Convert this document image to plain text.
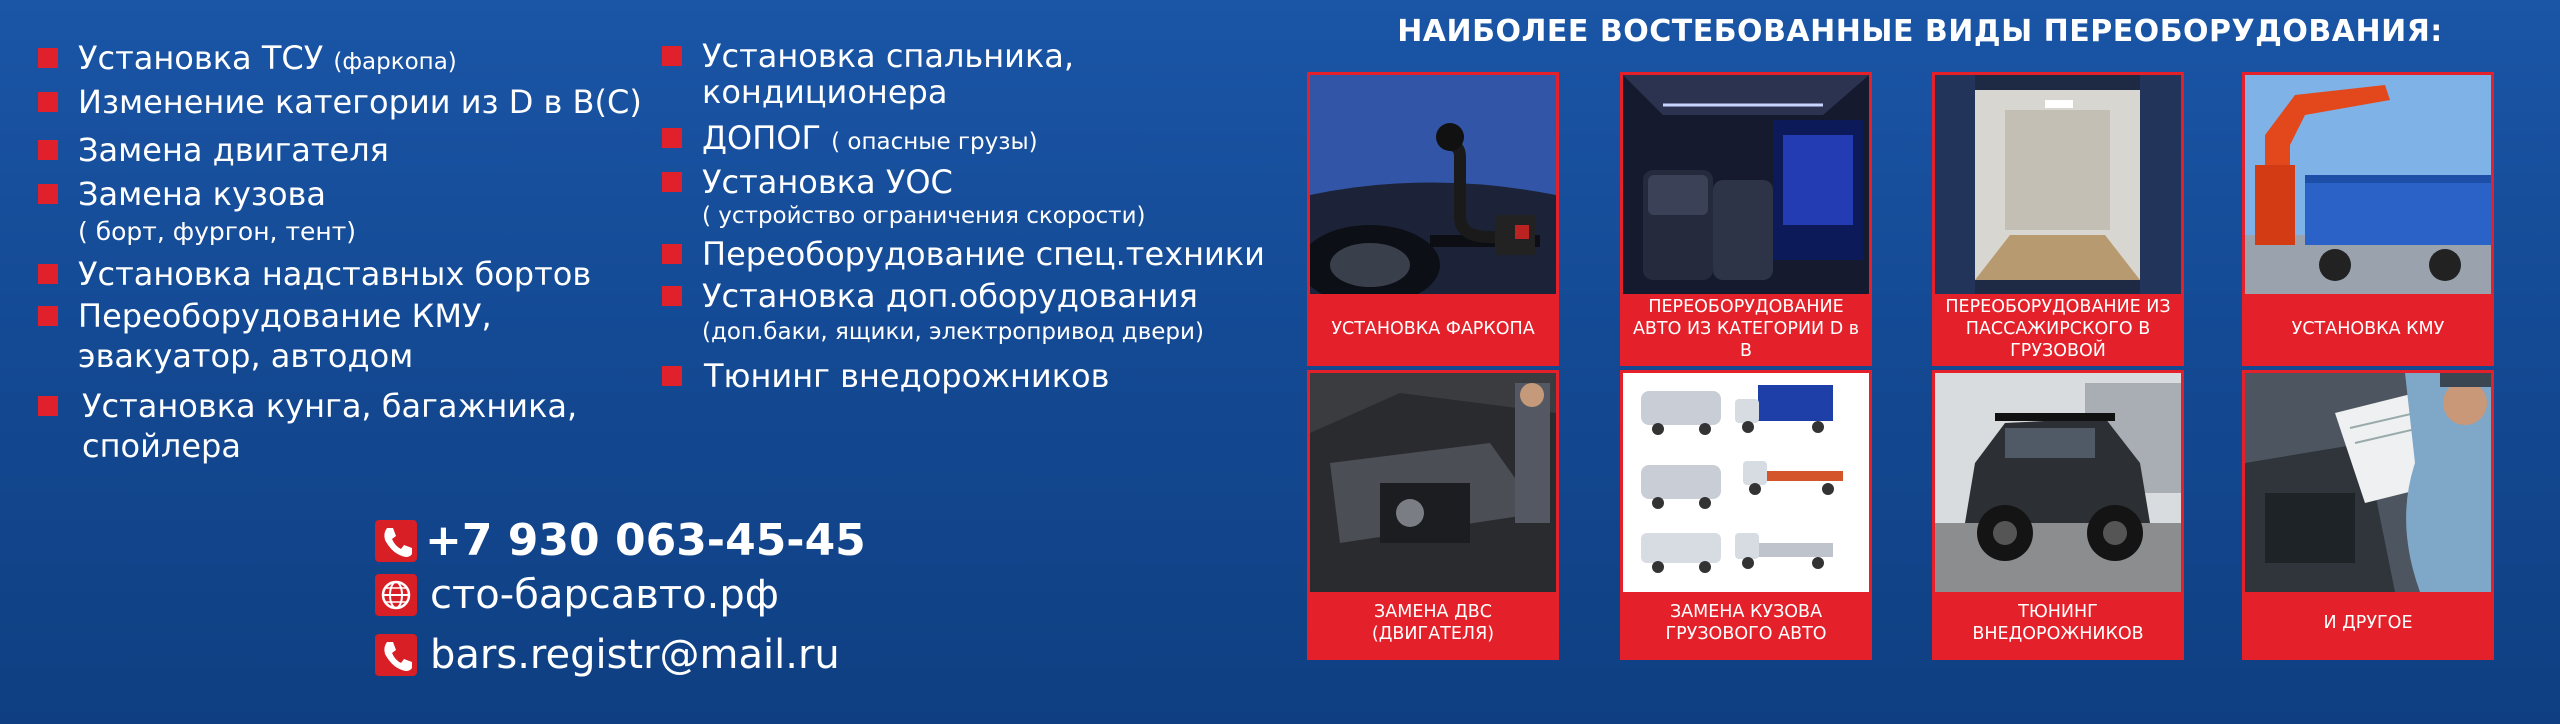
Установка ТСУ (фаркопа)
Изменение категории из D в B(C)
Замена двигателя
Замена кузова
( борт, фургон, тент)
Установка надставных бортов
Переоборудование КМУ,
эвакуатор, автодом
Установка кунга, багажника,
спойлера
Установка спальника,
кондиционера
ДОПОГ ( опасные грузы)
Установка УОС
( устройство ограничения скорости)
Переоборудование спец.техники
Установка доп.оборудования
(доп.баки, ящики, электропривод двери)
Тюнинг внедорожников
+7 930 063-45-45
сто-барсавто.рф
bars.registr@mail.ru
НАИБОЛЕЕ ВОСТЕБОВАННЫЕ ВИДЫ ПЕРЕОБОРУДОВАНИЯ:
УСТАНОВКА ФАРКОПА
ПЕРЕОБОРУДОВАНИЕ
АВТО ИЗ КАТЕГОРИИ D в B
ПЕРЕОБОРУДОВАНИЕ ИЗ
ПАССАЖИРСКОГО В ГРУЗОВОЙ
УСТАНОВКА КМУ
ЗАМЕНА ДВС (ДВИГАТЕЛЯ)
ЗАМЕНА КУЗОВА
ГРУЗОВОГО АВТО
ТЮНИНГ
ВНЕДОРОЖНИКОВ
И ДРУГОЕ
